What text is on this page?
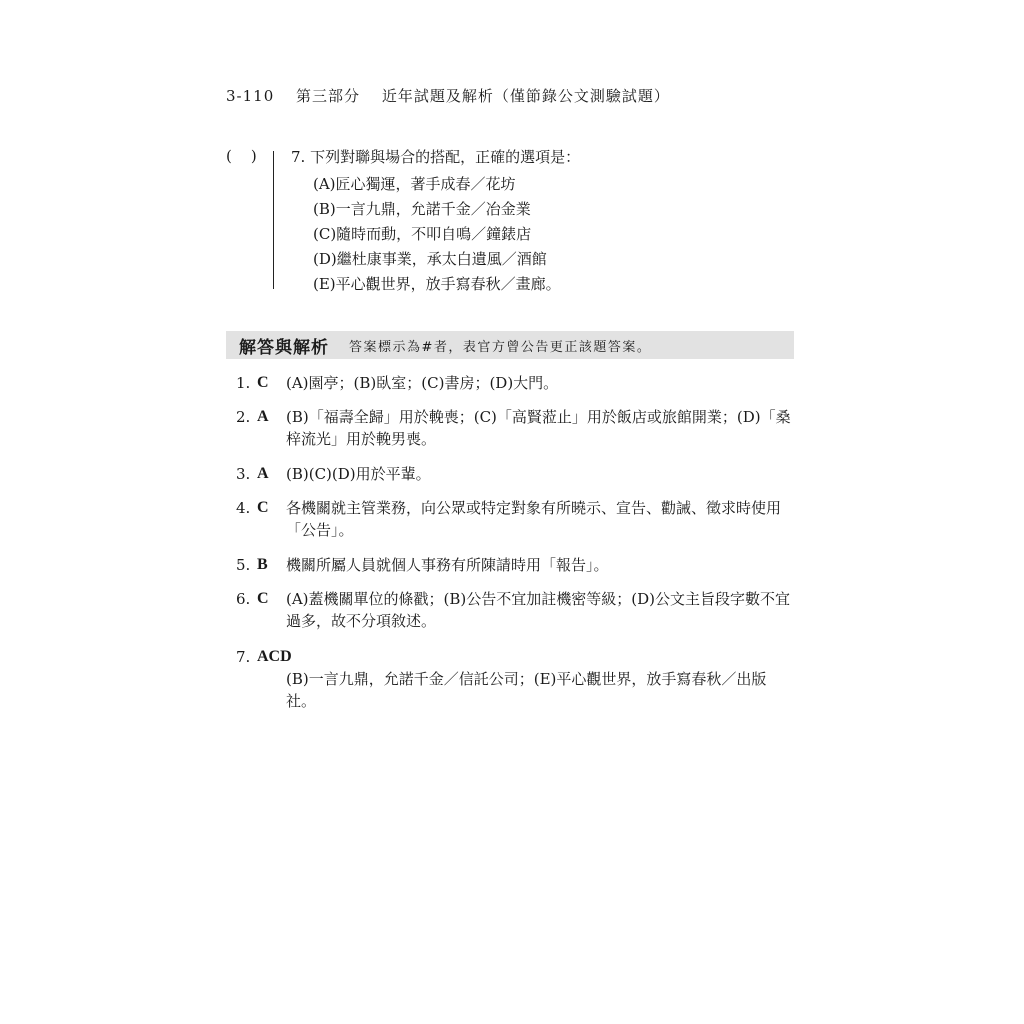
3-110 第三部分 近年試題及解析（僅節錄公文測驗試題）
(    ) 7. 下列對聯與場合的搭配，正確的選項是：
(A)匠心獨運，著手成春／花坊
(B)一言九鼎，允諾千金／冶金業
(C)隨時而動，不叩自鳴／鐘錶店
(D)繼杜康事業，承太白遺風／酒館
(E)平心觀世界，放手寫春秋／畫廊。
解答與解析 答案標示為#者，表官方曾公告更正該題答案。
1. C (A)園亭；(B)臥室；(C)書房；(D)大門。
2. A (B)「福壽全歸」用於輓喪；(C)「高賢蒞止」用於飯店或旅館開業；(D)「桑梓流光」用於輓男喪。
3. A (B)(C)(D)用於平輩。
4. C 各機關就主管業務，向公眾或特定對象有所曉示、宣告、勸誡、徵求時使用「公告」。
5. B 機關所屬人員就個人事務有所陳請時用「報告」。
6. C (A)蓋機關單位的條戳；(B)公告不宜加註機密等級；(D)公文主旨段字數不宜過多，故不分項敘述。
7. ACD
(B)一言九鼎，允諾千金／信託公司；(E)平心觀世界，放手寫春秋／出版社。
